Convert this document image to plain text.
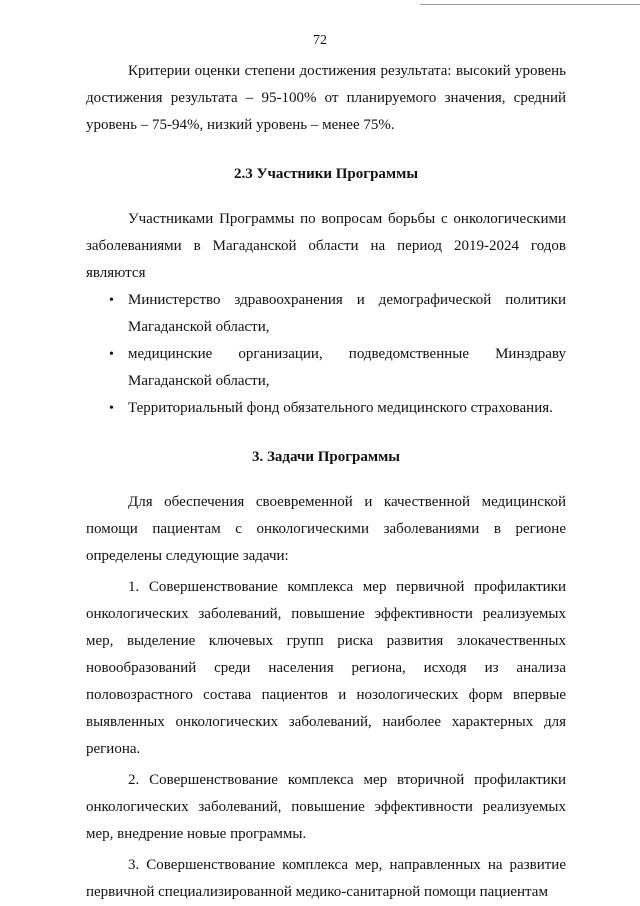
72

Критерии оценки степени достижения результата: высокий уровень достижения результата – 95-100% от планируемого значения, средний уровень – 75-94%, низкий уровень – менее 75%.

2.3 Участники Программы

Участниками Программы по вопросам борьбы с онкологическими заболеваниями в Магаданской области на период 2019-2024 годов являются

• Министерство здравоохранения и демографической политики Магаданской области,
• медицинские организации, подведомственные Минздраву Магаданской области,
• Территориальный фонд обязательного медицинского страхования.

3. Задачи Программы

Для обеспечения своевременной и качественной медицинской помощи пациентам с онкологическими заболеваниями в регионе определены следующие задачи:

1. Совершенствование комплекса мер первичной профилактики онкологических заболеваний, повышение эффективности реализуемых мер, выделение ключевых групп риска развития злокачественных новообразований среди населения региона, исходя из анализа половозрастного состава пациентов и нозологических форм впервые выявленных онкологических заболеваний, наиболее характерных для региона.

2. Совершенствование комплекса мер вторичной профилактики онкологических заболеваний, повышение эффективности реализуемых мер, внедрение новые программы.

3. Совершенствование комплекса мер, направленных на развитие первичной специализированной медико-санитарной помощи пациентам
